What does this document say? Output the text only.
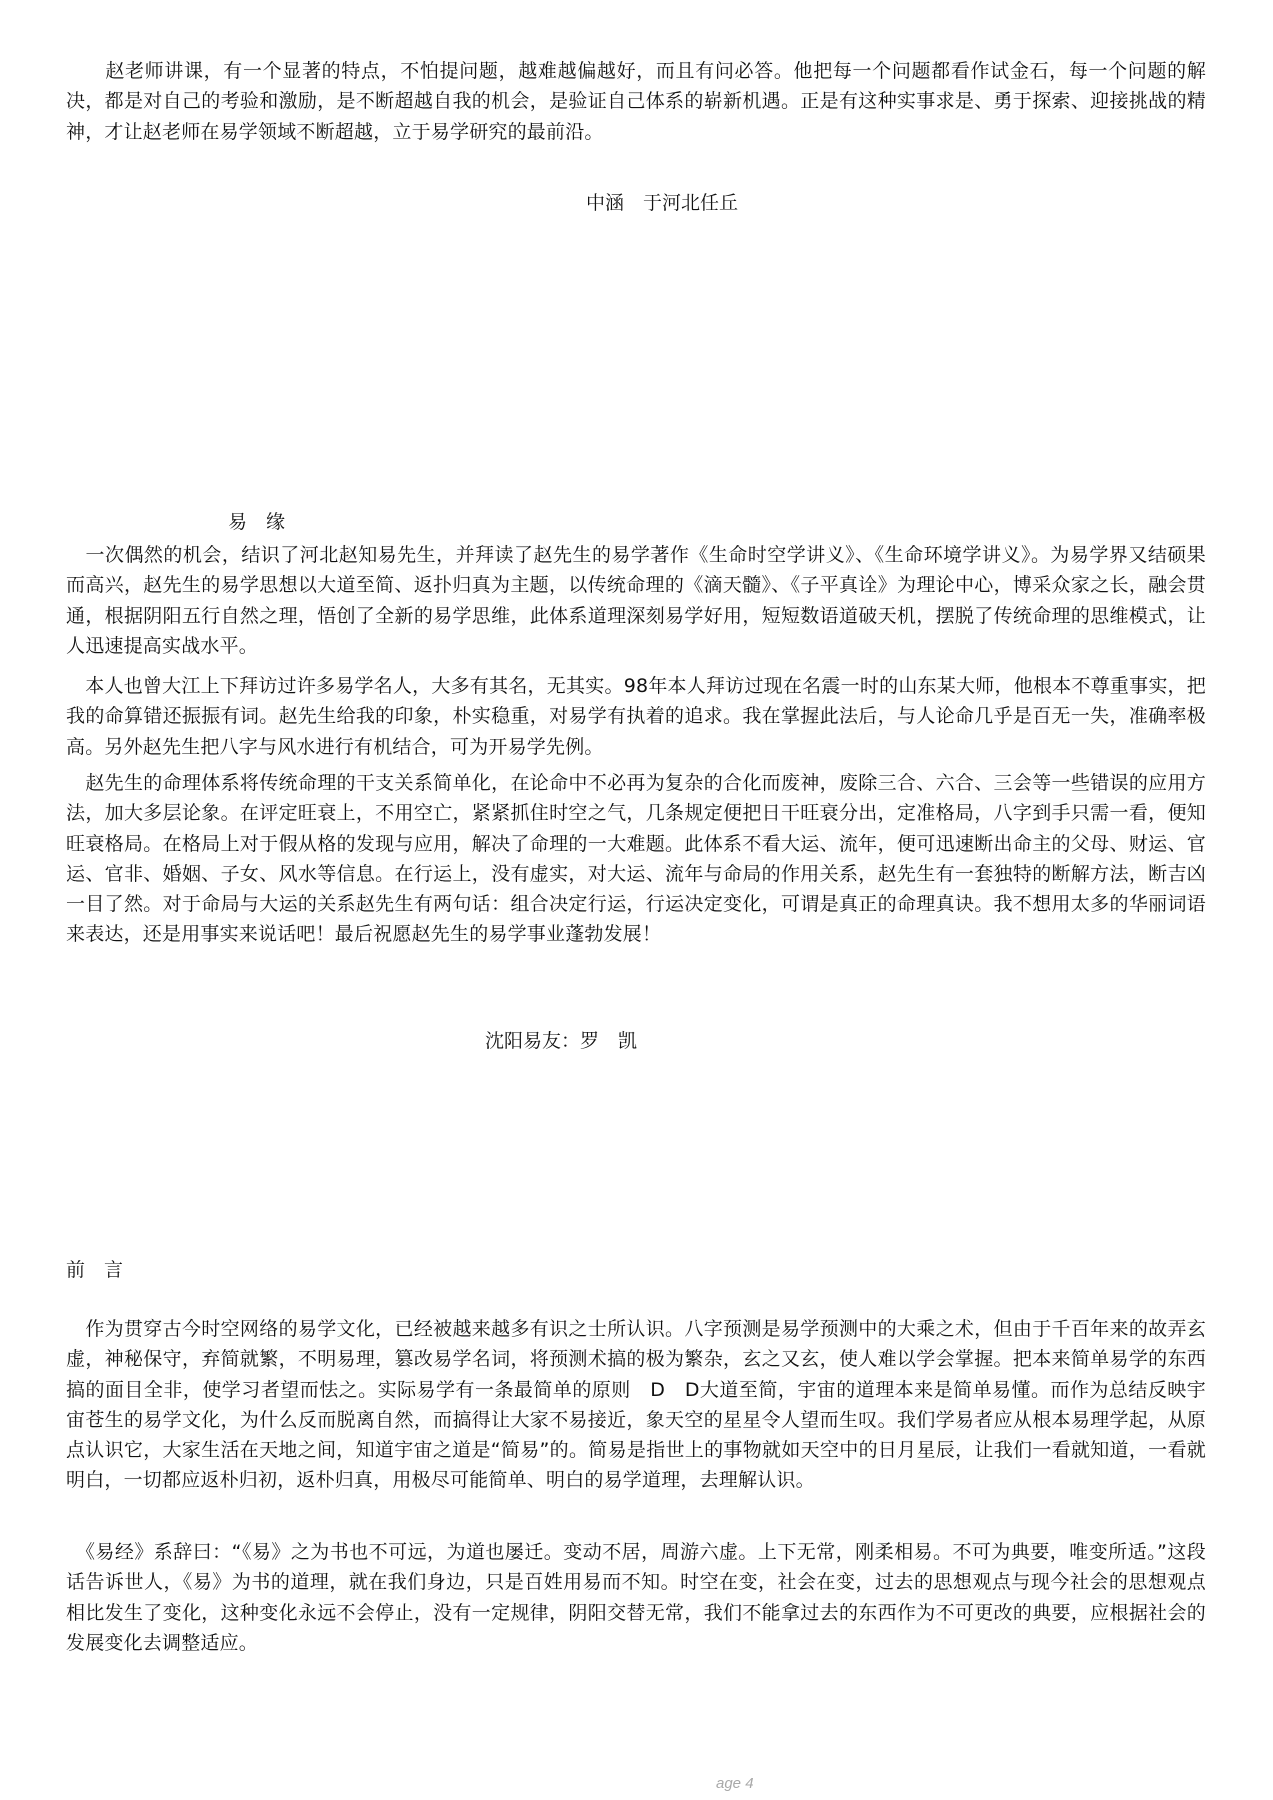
　　赵老师讲课，有一个显著的特点，不怕提问题，越难越偏越好，而且有问必答。他把每一个问题都看作试金石，每一个问题的解决，都是对自己的考验和激励，是不断超越自我的机会，是验证自己体系的崭新机遇。正是有这种实事求是、勇于探索、迎接挑战的精神，才让赵老师在易学领域不断超越，立于易学研究的最前沿。

中涵　于河北任丘

易　缘

　一次偶然的机会，结识了河北赵知易先生，并拜读了赵先生的易学著作《生命时空学讲义》、《生命环境学讲义》。为易学界又结硕果而高兴，赵先生的易学思想以大道至简、返扑归真为主题，以传统命理的《滴天髓》、《子平真诠》为理论中心，博采众家之长，融会贯通，根据阴阳五行自然之理，悟创了全新的易学思维，此体系道理深刻易学好用，短短数语道破天机，摆脱了传统命理的思维模式，让人迅速提高实战水平。

　本人也曾大江上下拜访过许多易学名人，大多有其名，无其实。98年本人拜访过现在名震一时的山东某大师，他根本不尊重事实，把我的命算错还振振有词。赵先生给我的印象，朴实稳重，对易学有执着的追求。我在掌握此法后，与人论命几乎是百无一失，准确率极高。另外赵先生把八字与风水进行有机结合，可为开易学先例。

　赵先生的命理体系将传统命理的干支关系简单化，在论命中不必再为复杂的合化而废神，废除三合、六合、三会等一些错误的应用方法，加大多层论象。在评定旺衰上，不用空亡，紧紧抓住时空之气，几条规定便把日干旺衰分出，定准格局，八字到手只需一看，便知旺衰格局。在格局上对于假从格的发现与应用，解决了命理的一大难题。此体系不看大运、流年，便可迅速断出命主的父母、财运、官运、官非、婚姻、子女、风水等信息。在行运上，没有虚实，对大运、流年与命局的作用关系，赵先生有一套独特的断解方法，断吉凶一目了然。对于命局与大运的关系赵先生有两句话：组合决定行运，行运决定变化，可谓是真正的命理真诀。我不想用太多的华丽词语来表达，还是用事实来说话吧！最后祝愿赵先生的易学事业蓬勃发展！

沈阳易友：罗　凯

前　言

　作为贯穿古今时空网络的易学文化，已经被越来越多有识之士所认识。八字预测是易学预测中的大乘之术，但由于千百年来的故弄玄虚，神秘保守，弃简就繁，不明易理，篡改易学名词，将预测术搞的极为繁杂，玄之又玄，使人难以学会掌握。把本来简单易学的东西搞的面目全非，使学习者望而怯之。实际易学有一条最简单的原则　D　D大道至简，宇宙的道理本来是简单易懂。而作为总结反映宇宙苍生的易学文化，为什么反而脱离自然，而搞得让大家不易接近，象天空的星星令人望而生叹。我们学易者应从根本易理学起，从原点认识它，大家生活在天地之间，知道宇宙之道是“简易”的。简易是指世上的事物就如天空中的日月星辰，让我们一看就知道，一看就明白，一切都应返朴归初，返朴归真，用极尽可能简单、明白的易学道理，去理解认识。

　《易经》系辞曰：“《易》之为书也不可远，为道也屡迁。变动不居，周游六虚。上下无常，刚柔相易。不可为典要，唯变所适。”这段话告诉世人，《易》为书的道理，就在我们身边，只是百姓用易而不知。时空在变，社会在变，过去的思想观点与现今社会的思想观点相比发生了变化，这种变化永远不会停止，没有一定规律，阴阳交替无常，我们不能拿过去的东西作为不可更改的典要，应根据社会的发展变化去调整适应。

age 4
